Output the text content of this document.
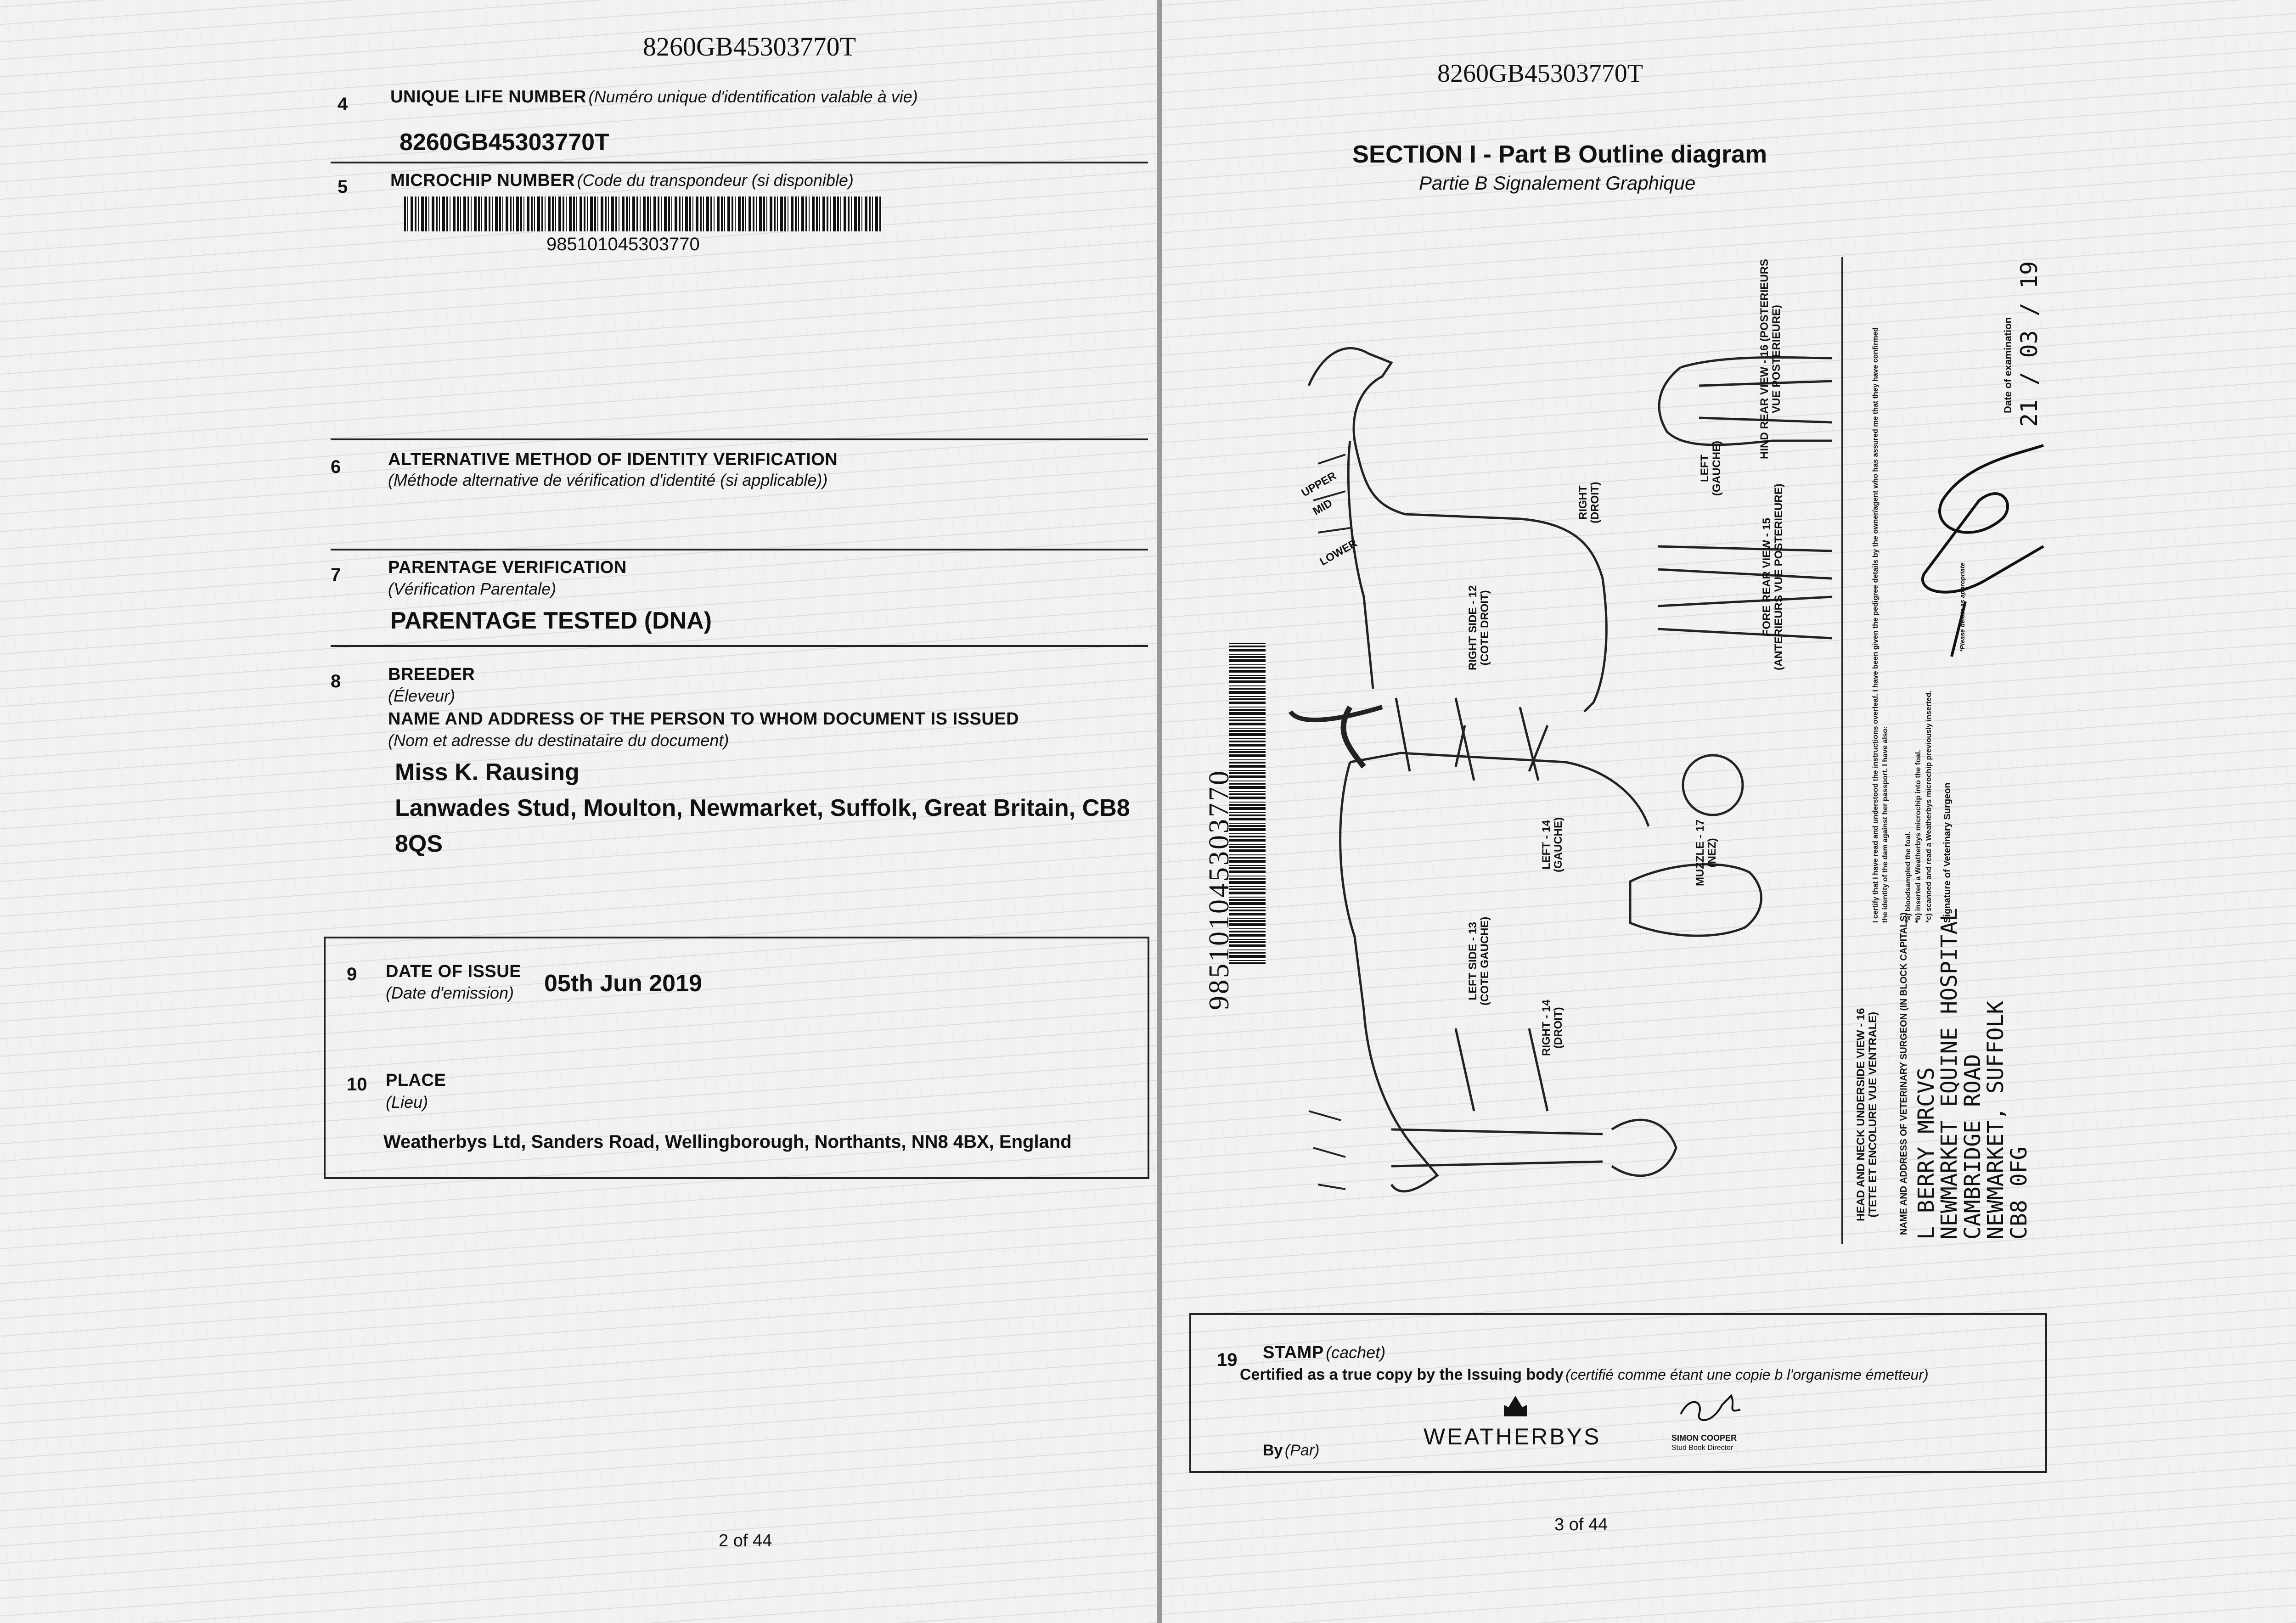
8260GB45303770T
4 UNIQUE LIFE NUMBER (Numéro unique d'identification valable à vie)
8260GB45303770T
5 MICROCHIP NUMBER (Code du transpondeur (si disponible)
985101045303770
6	ALTERNATIVE METHOD OF IDENTITY VERIFICATION
(Méthode alternative de vérification d'identité (si applicable))
7	PARENTAGE VERIFICATION
(Vérification Parentale)
PARENTAGE TESTED (DNA)
8	BREEDER
(Éleveur)
NAME AND ADDRESS OF THE PERSON TO WHOM DOCUMENT IS ISSUED
(Nom et adresse du destinataire du document)
Miss K. Rausing
Lanwades Stud, Moulton, Newmarket, Suffolk, Great Britain, CB8
8QS
9 DATE OF ISSUE
(Date d'emission) 05th Jun 2019
10 PLACE
(Lieu)
Weatherbys Ltd, Sanders Road, Wellingborough, Northants, NN8 4BX, England
2 of 44
8260GB45303770T
SECTION I - Part B Outline diagram
Partie B Signalement Graphique
985101045303770
UPPER
MID
LOWER
RIGHT SIDE - 12 (COTE DROIT)
LEFT SIDE - 13 (COTE GAUCHE)
LEFT - 14 (GAUCHE)
RIGHT - 14 (DROIT)
RIGHT (DROIT)
LEFT (GAUCHE)
FORE REAR VIEW - 15 (ANTERIEURS VUE POSTERIEURE)
MUZZLE - 17 (NEZ)
HIND REAR VIEW - 16 (POSTERIEURS VUE POSTERIEURE)
HEAD AND NECK UNDERSIDE VIEW - 16 (TETE ET ENCOLURE VUE VENTRALE) NAME AND ADDRESS OF VETERINARY SURGEON (IN BLOCK CAPITALS) L BERRY MRCVS
NEWMARKET EQUINE HOSPITAL
CAMBRIDGE ROAD
NEWMARKET, SUFFOLK
CB8 0FG
I certify that I have read and understood the instructions overleaf. I have been given the pedigree details by the owner/agent who has assured me that they have confirmed the identity of the dam against her passport. I have also: *a) bloodsampled the foal. *b) inserted a Weatherbys microchip into the foal. *c) scanned and read a Weatherbys microchip previously inserted. Signature of Veterinary Surgeon
*Please delete as appropriate
Date of examination 21 / 03 / 19
19 STAMP (cachet)
Certified as a true copy by the Issuing body (certifié comme étant une copie b l'organisme émetteur)
By (Par)
WEATHERBYS	SIMON COOPER
Stud Book Director
3 of 44
